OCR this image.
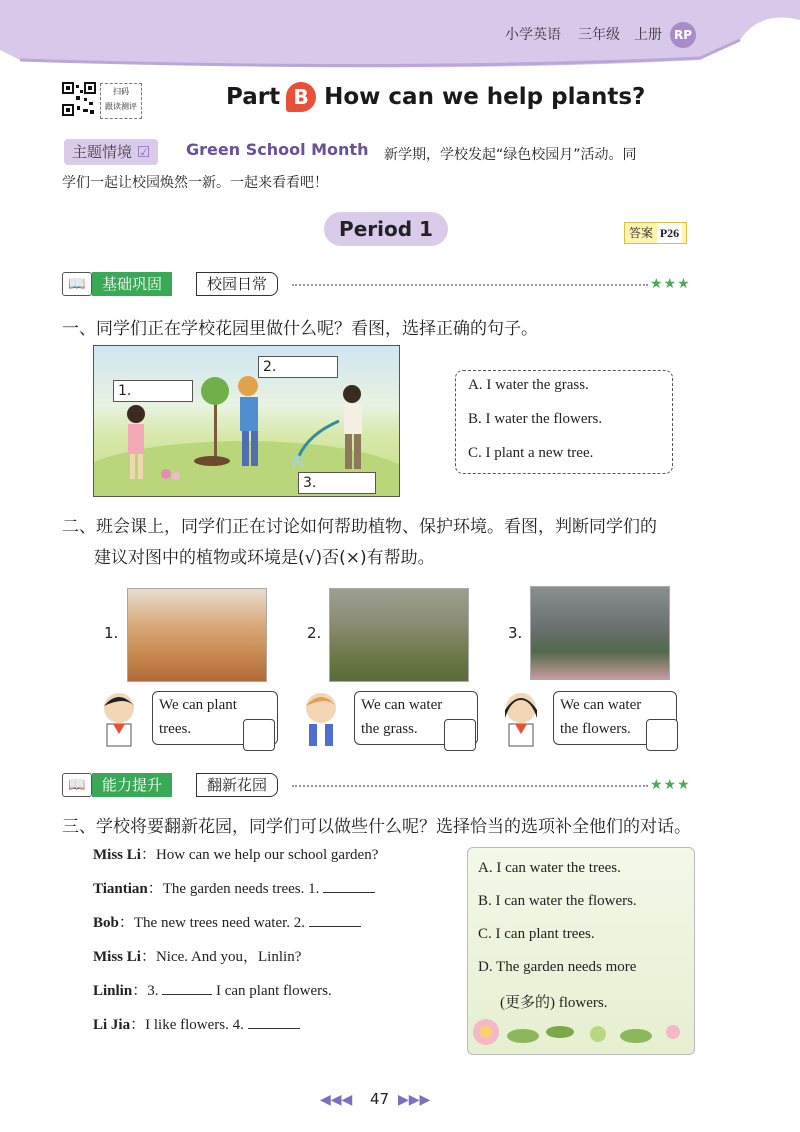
小学英语 三年级 上册 RP
扫码
跟读测评	Part B How can we help plants?
主题情境 ☑	Green School Month 新学期，学校发起“绿色校园月”活动。同
学们一起让校园焕然一新。一起来看看吧！
Period 1	答案 P26
📖	基础巩固	校园日常	★★★
一、同学们正在学校花园里做什么呢？看图，选择正确的句子。
1.
2.
3.
A. I water the grass.
B. I water the flowers.
C. I plant a new tree.
二、班会课上，同学们正在讨论如何帮助植物、保护环境。看图，判断同学们的
建议对图中的植物或环境是(√)否(×)有帮助。
1.	2.	3.
We can plant
trees.
We can water
the grass.
We can water
the flowers.
📖	能力提升	翻新花园	★★★
三、学校将要翻新花园，同学们可以做些什么呢？选择恰当的选项补全他们的对话。
Miss Li：How can we help our school garden?
Tiantian：The garden needs trees. 1.
Bob：The new trees need water. 2.
Miss Li：Nice. And you，Linlin?
Linlin：3.	I can plant flowers.
Li Jia：I like flowers. 4.
A. I can water the trees.
B. I can water the flowers.
C. I can plant trees.
D. The garden needs more
(更多的) flowers.
◀◀◀ 47 ▶▶▶
